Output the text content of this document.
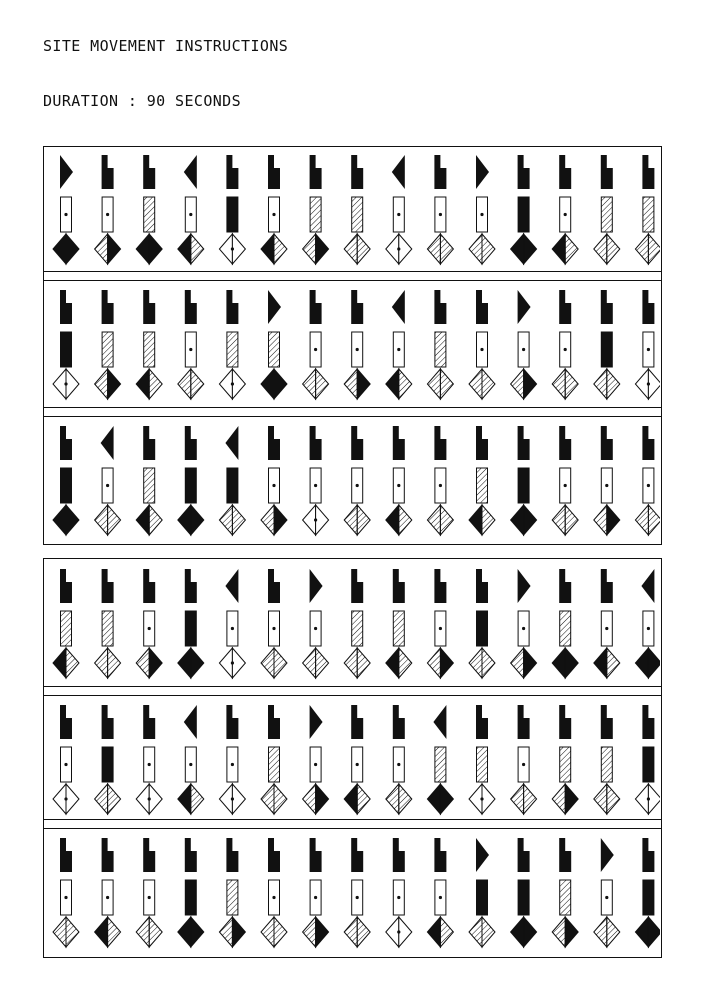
SITE MOVEMENT INSTRUCTIONS
DURATION : 90 SECONDS
